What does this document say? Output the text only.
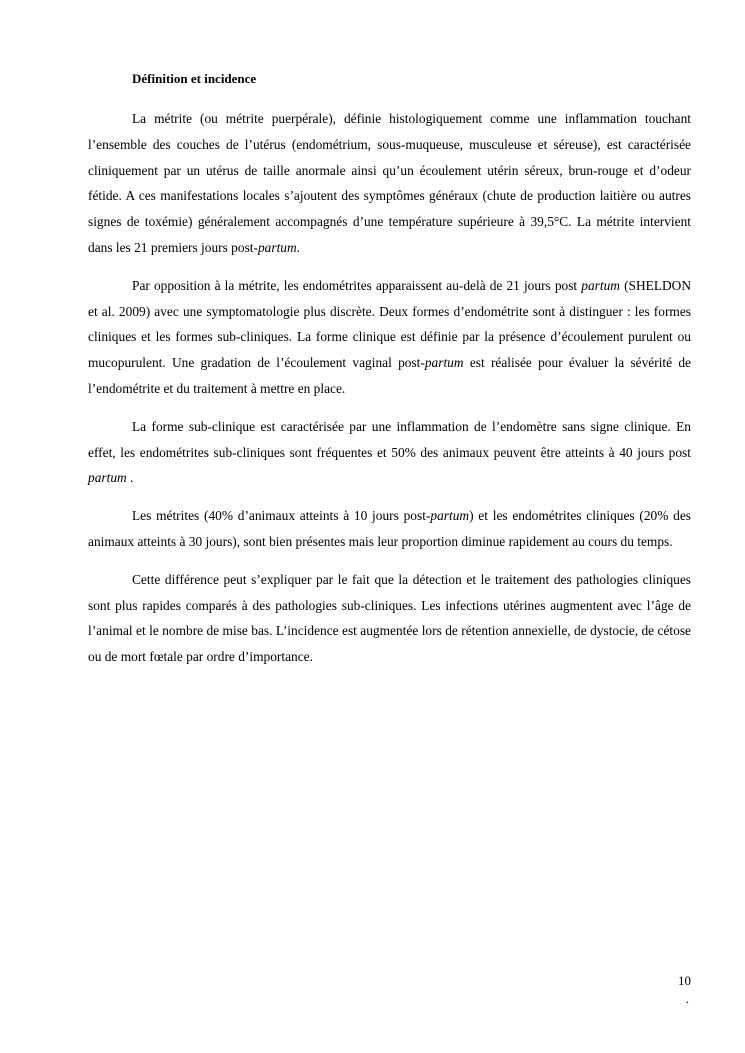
Définition et incidence

La métrite (ou métrite puerpérale), définie histologiquement comme une inflammation touchant l’ensemble des couches de l’utérus (endométrium, sous-muqueuse, musculeuse et séreuse), est caractérisée cliniquement par un utérus de taille anormale ainsi qu’un écoulement utérin séreux, brun-rouge et d’odeur fétide. A ces manifestations locales s’ajoutent des symptômes généraux (chute de production laitière ou autres signes de toxémie) généralement accompagnés d’une température supérieure à 39,5°C. La métrite intervient dans les 21 premiers jours post-partum.

Par opposition à la métrite, les endométrites apparaissent au-delà de 21 jours post partum (SHELDON et al. 2009) avec une symptomatologie plus discrète. Deux formes d’endométrite sont à distinguer : les formes cliniques et les formes sub-cliniques. La forme clinique est définie par la présence d’écoulement purulent ou mucopurulent. Une gradation de l’écoulement vaginal post-partum est réalisée pour évaluer la sévérité de l’endométrite et du traitement à mettre en place.

La forme sub-clinique est caractérisée par une inflammation de l’endomètre sans signe clinique. En effet, les endométrites sub-cliniques sont fréquentes et 50% des animaux peuvent être atteints à 40 jours post partum .

Les métrites (40% d’animaux atteints à 10 jours post-partum) et les endométrites cliniques (20% des animaux atteints à 30 jours), sont bien présentes mais leur proportion diminue rapidement au cours du temps.

Cette différence peut s’expliquer par le fait que la détection et le traitement des pathologies cliniques sont plus rapides comparés à des pathologies sub-cliniques. Les infections utérines augmentent avec l’âge de l’animal et le nombre de mise bas. L’incidence est augmentée lors de rétention annexielle, de dystocie, de cétose ou de mort fœtale par ordre d’importance.

10
.
